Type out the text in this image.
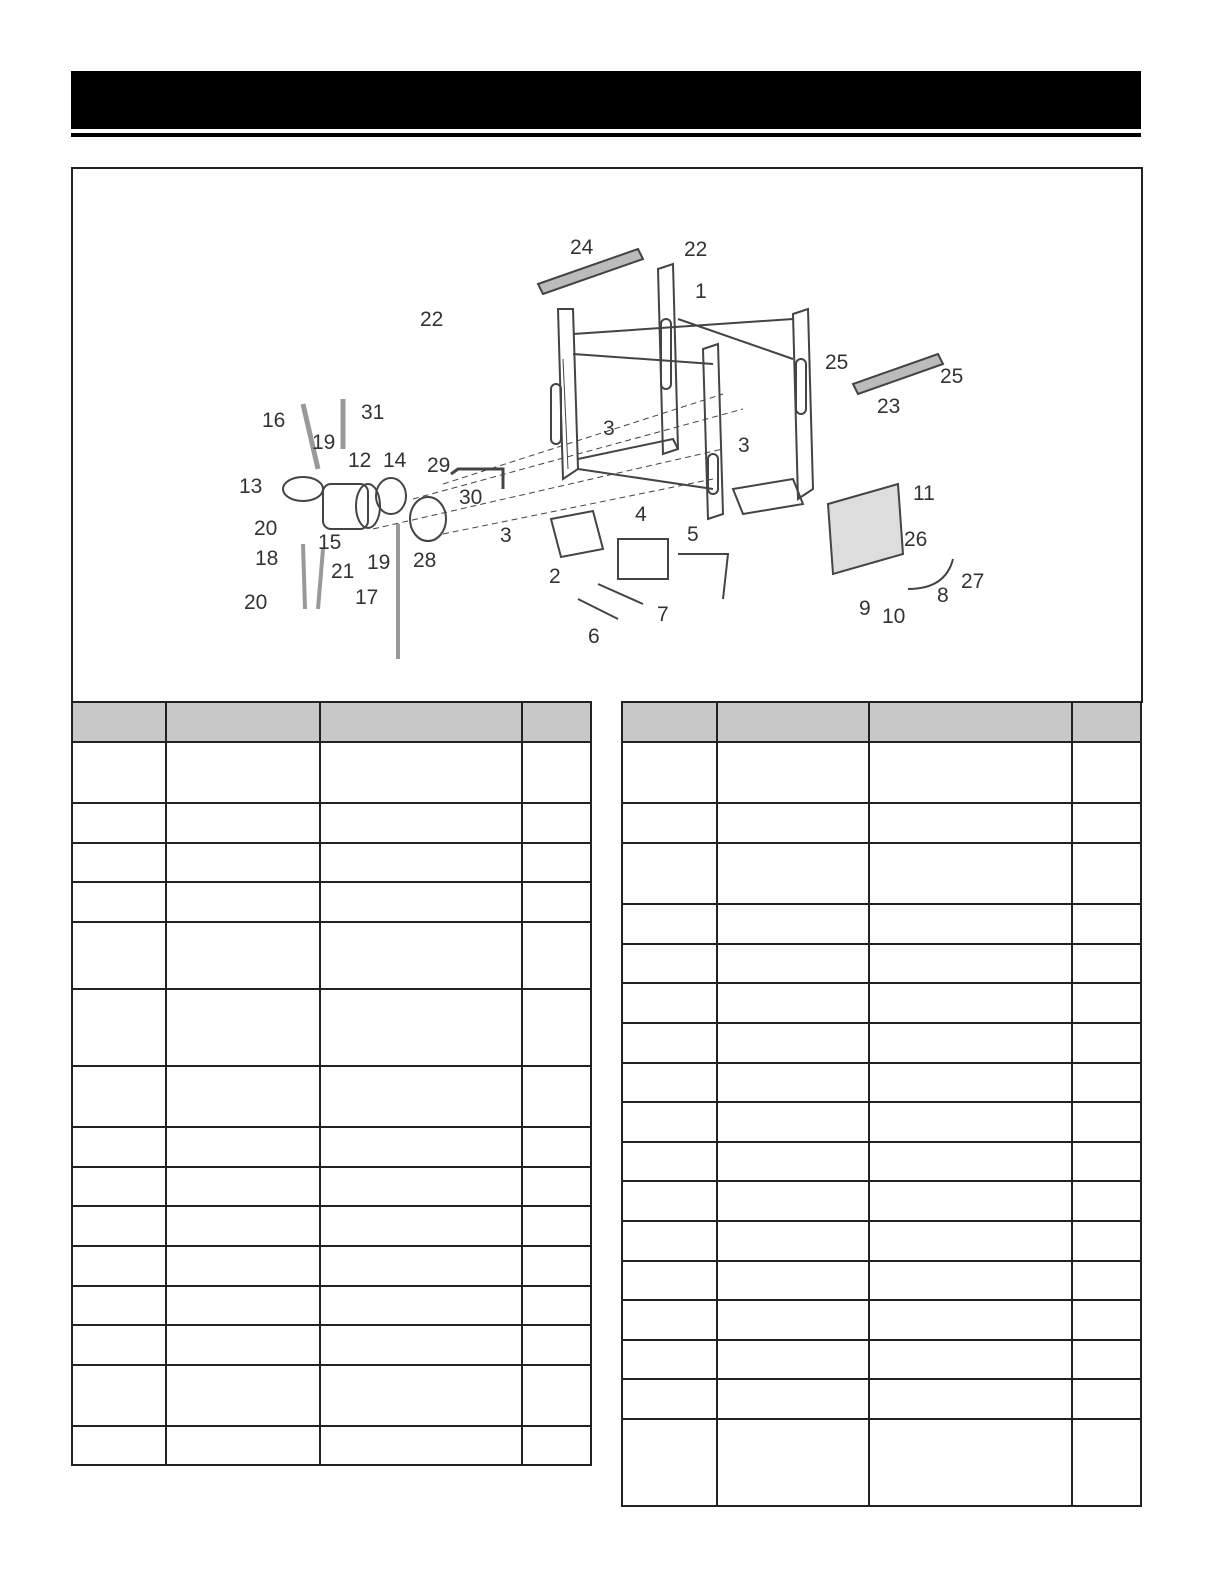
1
2
3
3
3
4
5
6
7
8
9 10
11
12
13
14
15
16
17
18
19
19
20
20
21
22
22
23
24
25
25
26
27
28
29
30
31
